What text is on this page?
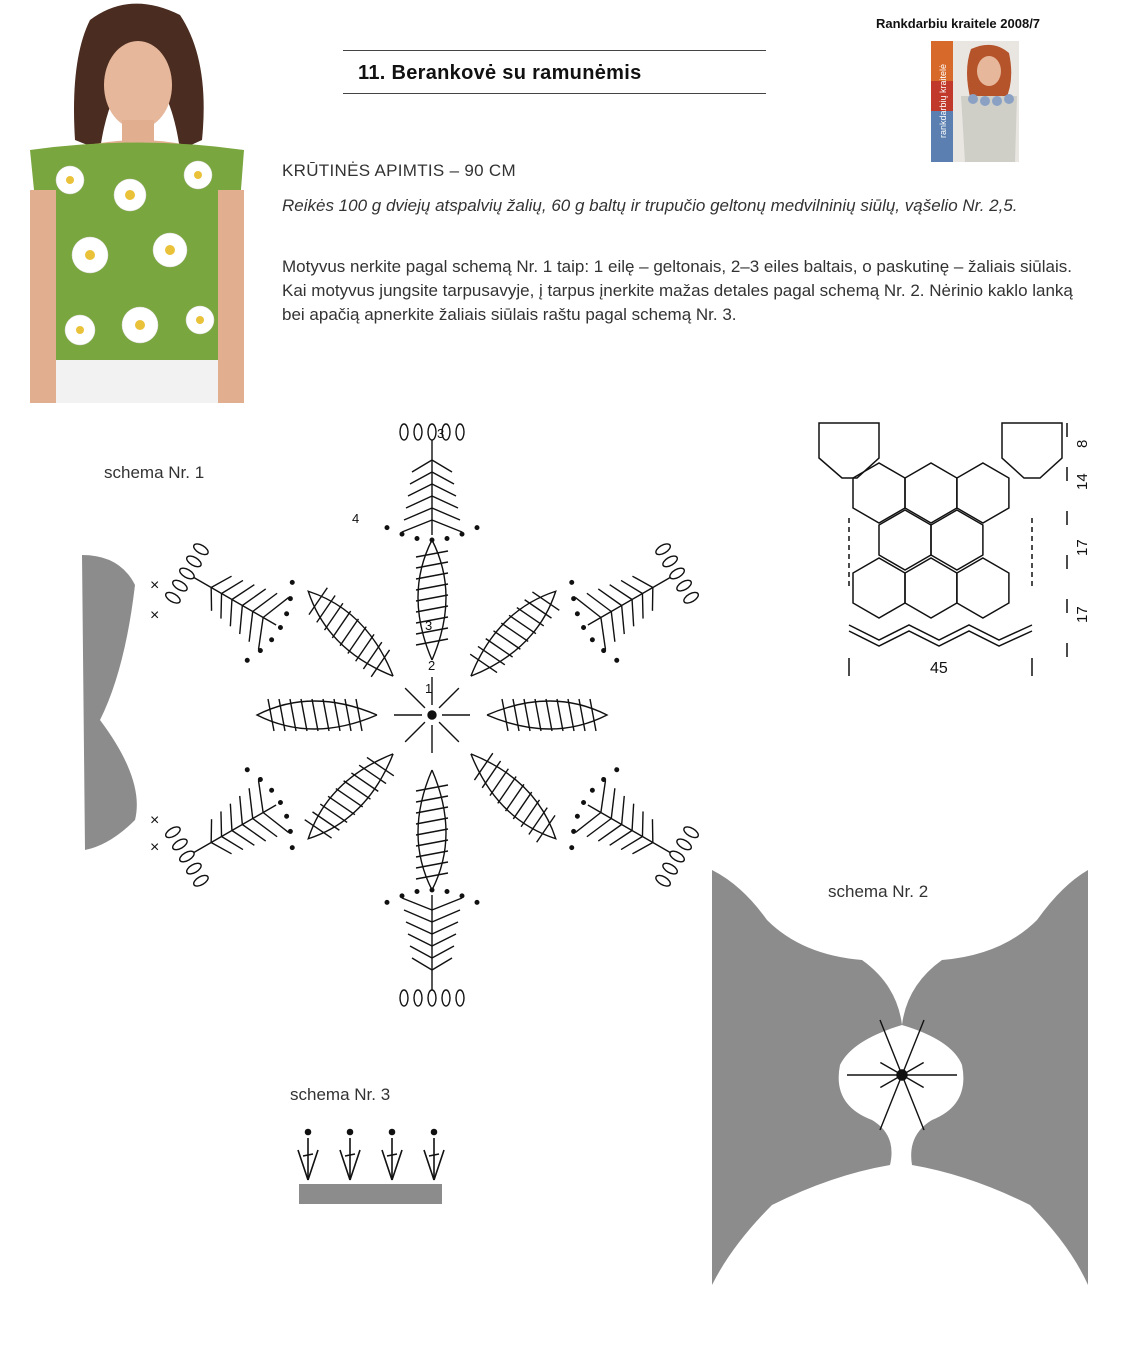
Rankdarbiu kraitele 2008/7
11. Berankovė su ramunėmis	rankdarbių kraitelė
KRŪTINĖS APIMTIS – 90 CM
Reikės 100 g dviejų atspalvių žalių, 60 g baltų ir trupučio geltonų medvilninių siūlų, vąšelio Nr. 2,5.
Motyvus nerkite pagal schemą Nr. 1 taip: 1 eilę – geltonais, 2–3 eiles baltais, o paskutinę – žaliais siūlais. Kai motyvus jungsite tarpusavyje, į tarpus įnerkite mažas detales pagal schemą Nr. 2. Nėrinio kaklo lanką bei apačią apnerkite žaliais siūlais raštu pagal schemą Nr. 3.
schema Nr. 1
schema Nr. 2
schema Nr. 3
×
×
×
×
1
2
3
3
4
45
8
14
17
17
